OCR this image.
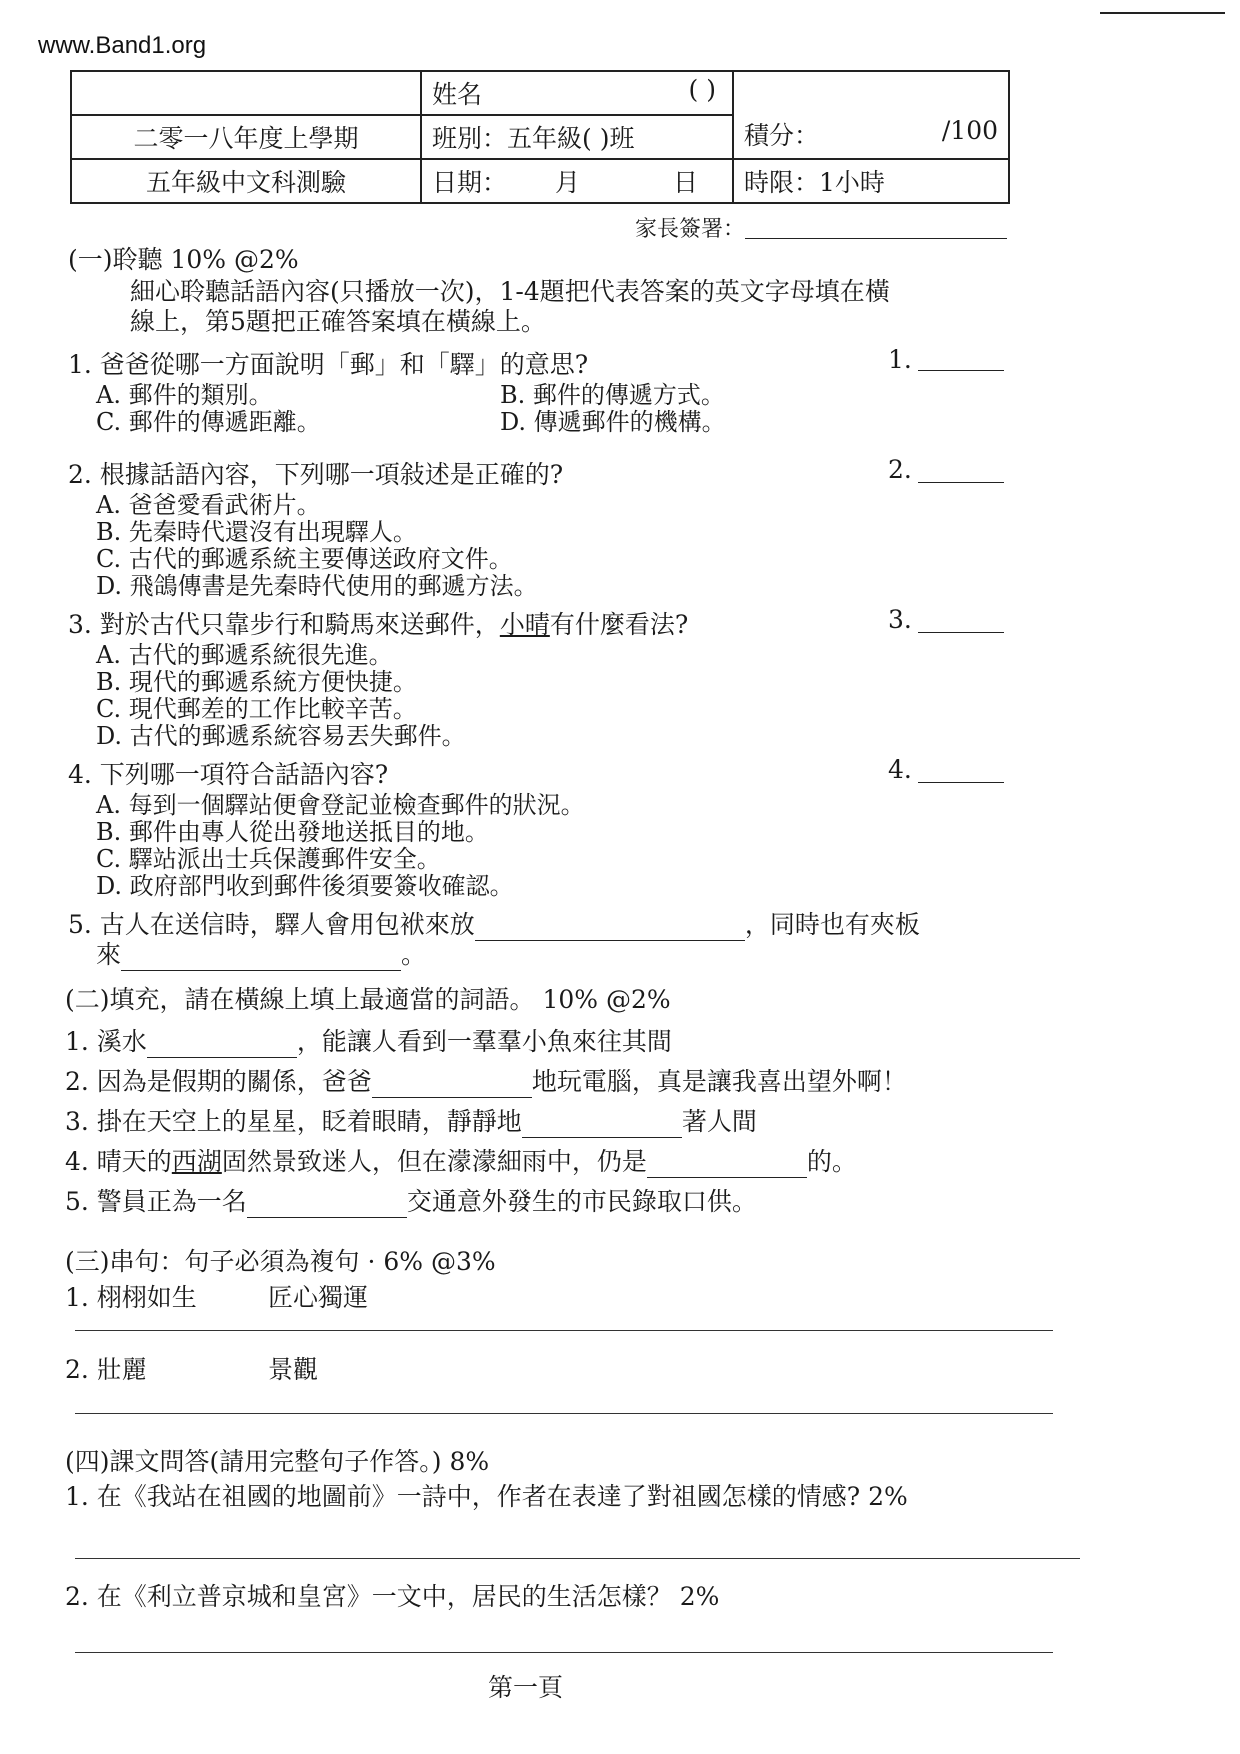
www.Band1.org
	姓名 ( )	積分： /100

二零一八年度上學期	班別：五年級( )班	
五年級中文科測驗	日期： 月 日	時限：1小時
家長簽署：
(一)聆聽 10% @2%
細心聆聽話語內容(只播放一次)，1-4題把代表答案的英文字母填在橫
線上，第5題把正確答案填在橫線上。
1. 爸爸從哪一方面說明「郵」和「驛」的意思?	1.
A. 郵件的類別。	B. 郵件的傳遞方式。
C. 郵件的傳遞距離。	D. 傳遞郵件的機構。
2. 根據話語內容，下列哪一項敍述是正確的?	2.
A. 爸爸愛看武術片。
B. 先秦時代還沒有出現驛人。
C. 古代的郵遞系統主要傳送政府文件。
D. 飛鴿傳書是先秦時代使用的郵遞方法。
3. 對於古代只靠步行和騎馬來送郵件，小晴有什麼看法?	3.
A. 古代的郵遞系統很先進。
B. 現代的郵遞系統方便快捷。
C. 現代郵差的工作比較辛苦。
D. 古代的郵遞系統容易丟失郵件。
4. 下列哪一項符合話語內容?	4.
A. 每到一個驛站便會登記並檢查郵件的狀況。
B. 郵件由專人從出發地送抵目的地。
C. 驛站派出士兵保護郵件安全。
D. 政府部門收到郵件後須要簽收確認。
5. 古人在送信時，驛人會用包袱來放	，同時也有夾板
來	。
(二)填充，請在橫線上填上最適當的詞語。 10% @2%
1. 溪水	，能讓人看到一羣羣小魚來往其間
2. 因為是假期的關係，爸爸	地玩電腦，真是讓我喜出望外啊！
3. 掛在天空上的星星，眨着眼睛，靜靜地	著人間
4. 晴天的西湖固然景致迷人，但在濛濛細雨中，仍是	的。
5. 警員正為一名	交通意外發生的市民錄取口供。
(三)串句：句子必須為複句 · 6% @3%
1. 栩栩如生	匠心獨運
2. 壯麗	景觀
(四)課文問答(請用完整句子作答。) 8%
1. 在《我站在祖國的地圖前》一詩中，作者在表達了對祖國怎樣的情感? 2%
2. 在《利立普京城和皇宮》一文中，居民的生活怎樣？ 2%
第一頁
